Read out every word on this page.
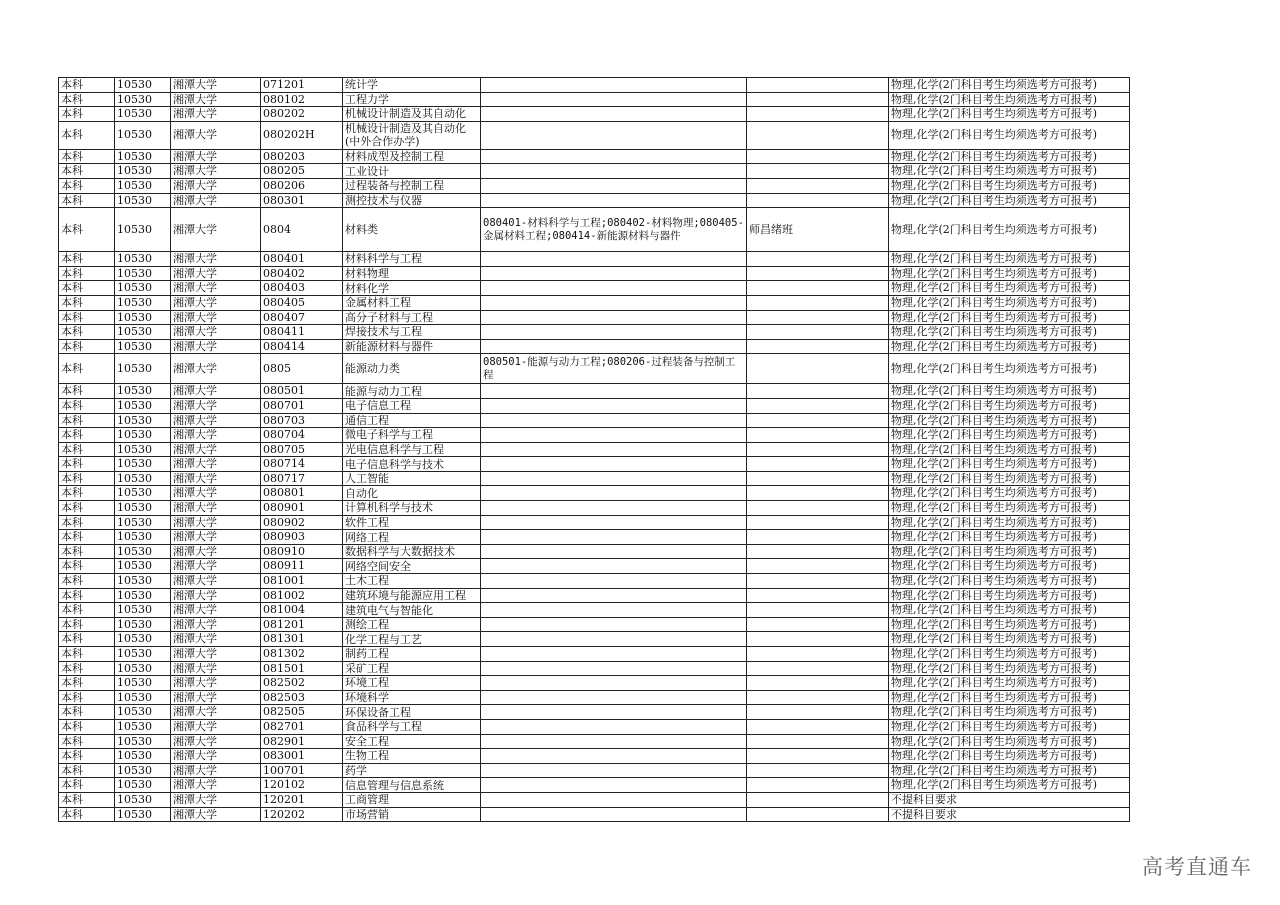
本科	10530	湘潭大学	071201	统计学			物理,化学(2门科目考生均须选考方可报考)
本科	10530	湘潭大学	080102	工程力学			物理,化学(2门科目考生均须选考方可报考)
本科	10530	湘潭大学	080202	机械设计制造及其自动化			物理,化学(2门科目考生均须选考方可报考)
本科	10530	湘潭大学	080202H	机械设计制造及其自动化(中外合作办学)			物理,化学(2门科目考生均须选考方可报考)
本科	10530	湘潭大学	080203	材料成型及控制工程			物理,化学(2门科目考生均须选考方可报考)
本科	10530	湘潭大学	080205	工业设计			物理,化学(2门科目考生均须选考方可报考)
本科	10530	湘潭大学	080206	过程装备与控制工程			物理,化学(2门科目考生均须选考方可报考)
本科	10530	湘潭大学	080301	测控技术与仪器			物理,化学(2门科目考生均须选考方可报考)
本科	10530	湘潭大学	0804	材料类	080401-材料科学与工程;080402-材料物理;080405-金属材料工程;080414-新能源材料与器件	师昌绪班	物理,化学(2门科目考生均须选考方可报考)
本科	10530	湘潭大学	080401	材料科学与工程			物理,化学(2门科目考生均须选考方可报考)
本科	10530	湘潭大学	080402	材料物理			物理,化学(2门科目考生均须选考方可报考)
本科	10530	湘潭大学	080403	材料化学			物理,化学(2门科目考生均须选考方可报考)
本科	10530	湘潭大学	080405	金属材料工程			物理,化学(2门科目考生均须选考方可报考)
本科	10530	湘潭大学	080407	高分子材料与工程			物理,化学(2门科目考生均须选考方可报考)
本科	10530	湘潭大学	080411	焊接技术与工程			物理,化学(2门科目考生均须选考方可报考)
本科	10530	湘潭大学	080414	新能源材料与器件			物理,化学(2门科目考生均须选考方可报考)
本科	10530	湘潭大学	0805	能源动力类	080501-能源与动力工程;080206-过程装备与控制工程		物理,化学(2门科目考生均须选考方可报考)
本科	10530	湘潭大学	080501	能源与动力工程			物理,化学(2门科目考生均须选考方可报考)
本科	10530	湘潭大学	080701	电子信息工程			物理,化学(2门科目考生均须选考方可报考)
本科	10530	湘潭大学	080703	通信工程			物理,化学(2门科目考生均须选考方可报考)
本科	10530	湘潭大学	080704	微电子科学与工程			物理,化学(2门科目考生均须选考方可报考)
本科	10530	湘潭大学	080705	光电信息科学与工程			物理,化学(2门科目考生均须选考方可报考)
本科	10530	湘潭大学	080714	电子信息科学与技术			物理,化学(2门科目考生均须选考方可报考)
本科	10530	湘潭大学	080717	人工智能			物理,化学(2门科目考生均须选考方可报考)
本科	10530	湘潭大学	080801	自动化			物理,化学(2门科目考生均须选考方可报考)
本科	10530	湘潭大学	080901	计算机科学与技术			物理,化学(2门科目考生均须选考方可报考)
本科	10530	湘潭大学	080902	软件工程			物理,化学(2门科目考生均须选考方可报考)
本科	10530	湘潭大学	080903	网络工程			物理,化学(2门科目考生均须选考方可报考)
本科	10530	湘潭大学	080910	数据科学与大数据技术			物理,化学(2门科目考生均须选考方可报考)
本科	10530	湘潭大学	080911	网络空间安全			物理,化学(2门科目考生均须选考方可报考)
本科	10530	湘潭大学	081001	土木工程			物理,化学(2门科目考生均须选考方可报考)
本科	10530	湘潭大学	081002	建筑环境与能源应用工程			物理,化学(2门科目考生均须选考方可报考)
本科	10530	湘潭大学	081004	建筑电气与智能化			物理,化学(2门科目考生均须选考方可报考)
本科	10530	湘潭大学	081201	测绘工程			物理,化学(2门科目考生均须选考方可报考)
本科	10530	湘潭大学	081301	化学工程与工艺			物理,化学(2门科目考生均须选考方可报考)
本科	10530	湘潭大学	081302	制药工程			物理,化学(2门科目考生均须选考方可报考)
本科	10530	湘潭大学	081501	采矿工程			物理,化学(2门科目考生均须选考方可报考)
本科	10530	湘潭大学	082502	环境工程			物理,化学(2门科目考生均须选考方可报考)
本科	10530	湘潭大学	082503	环境科学			物理,化学(2门科目考生均须选考方可报考)
本科	10530	湘潭大学	082505	环保设备工程			物理,化学(2门科目考生均须选考方可报考)
本科	10530	湘潭大学	082701	食品科学与工程			物理,化学(2门科目考生均须选考方可报考)
本科	10530	湘潭大学	082901	安全工程			物理,化学(2门科目考生均须选考方可报考)
本科	10530	湘潭大学	083001	生物工程			物理,化学(2门科目考生均须选考方可报考)
本科	10530	湘潭大学	100701	药学			物理,化学(2门科目考生均须选考方可报考)
本科	10530	湘潭大学	120102	信息管理与信息系统			物理,化学(2门科目考生均须选考方可报考)
本科	10530	湘潭大学	120201	工商管理			不提科目要求
本科	10530	湘潭大学	120202	市场营销			不提科目要求
高考直通车
